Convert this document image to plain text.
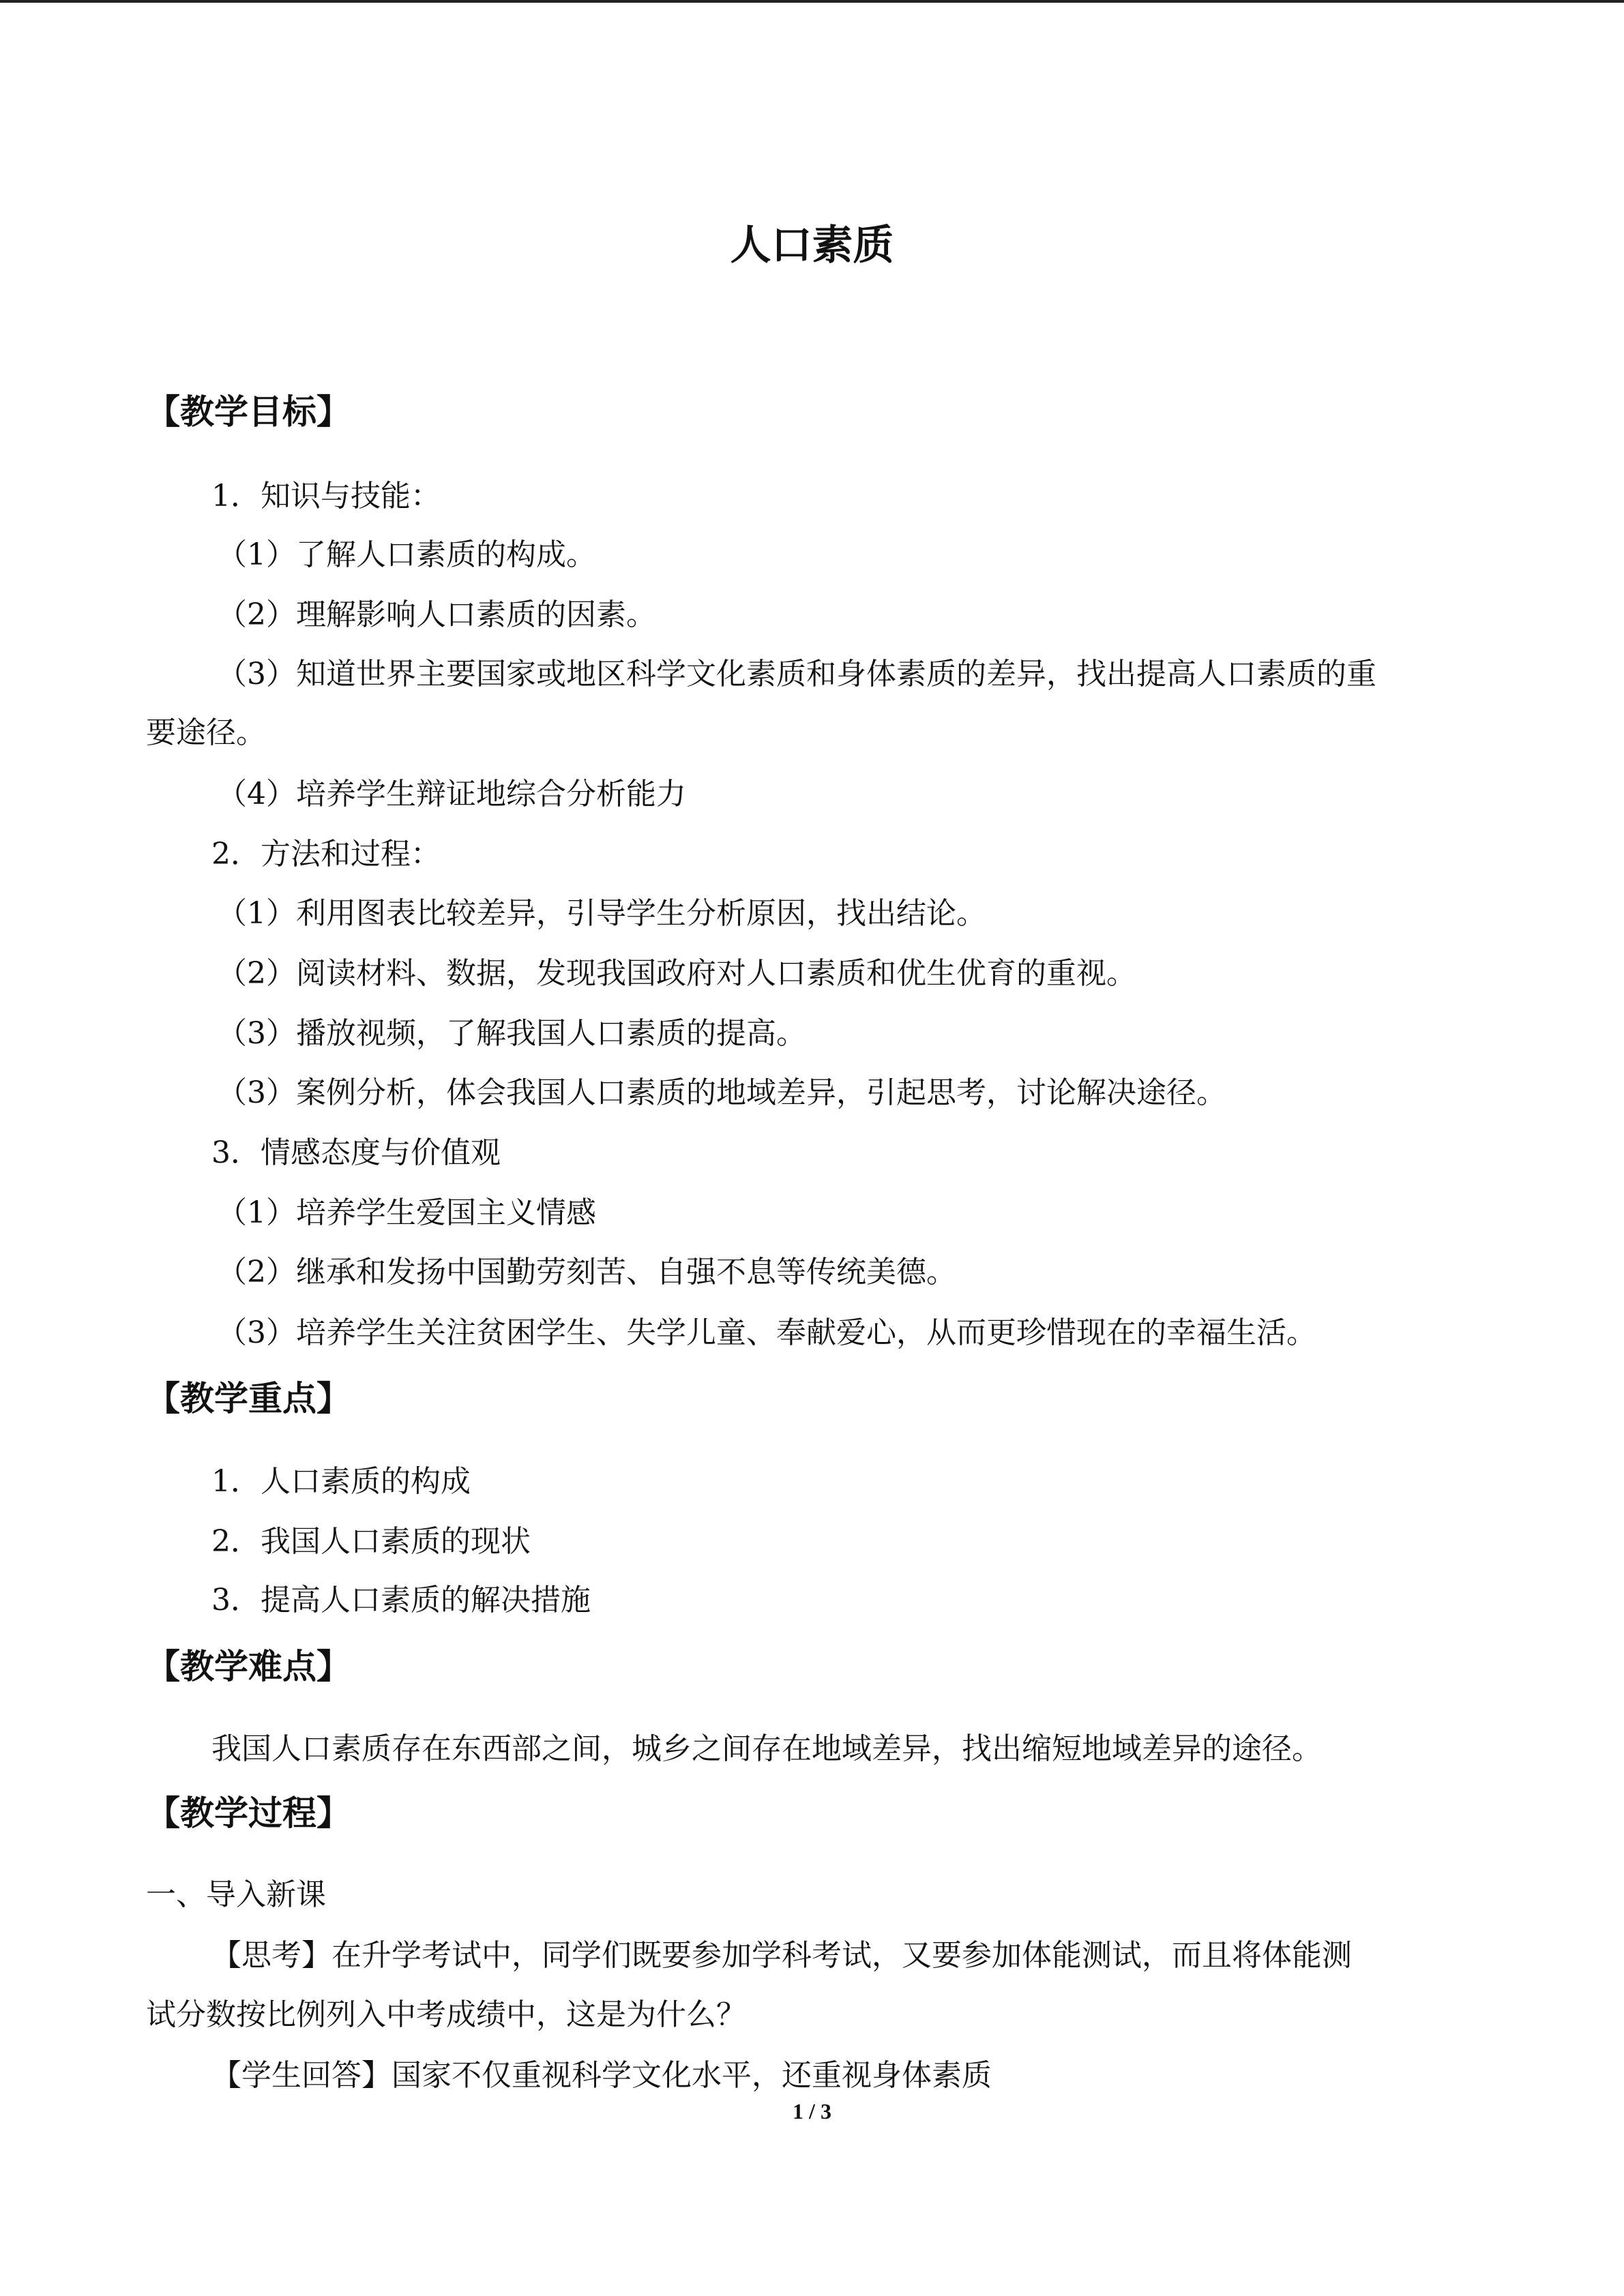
人口素质
【教学目标】
1．知识与技能：
（1）了解人口素质的构成。
（2）理解影响人口素质的因素。
（3）知道世界主要国家或地区科学文化素质和身体素质的差异，找出提高人口素质的重
要途径。
（4）培养学生辩证地综合分析能力
2．方法和过程：
（1）利用图表比较差异，引导学生分析原因，找出结论。
（2）阅读材料、数据，发现我国政府对人口素质和优生优育的重视。
（3）播放视频，了解我国人口素质的提高。
（3）案例分析，体会我国人口素质的地域差异，引起思考，讨论解决途径。
3．情感态度与价值观
（1）培养学生爱国主义情感
（2）继承和发扬中国勤劳刻苦、自强不息等传统美德。
（3）培养学生关注贫困学生、失学儿童、奉献爱心，从而更珍惜现在的幸福生活。
【教学重点】
1．人口素质的构成
2．我国人口素质的现状
3．提高人口素质的解决措施
【教学难点】
我国人口素质存在东西部之间，城乡之间存在地域差异，找出缩短地域差异的途径。
【教学过程】
一、导入新课
【思考】在升学考试中，同学们既要参加学科考试，又要参加体能测试，而且将体能测
试分数按比例列入中考成绩中，这是为什么？
【学生回答】国家不仅重视科学文化水平，还重视身体素质
1 / 3
